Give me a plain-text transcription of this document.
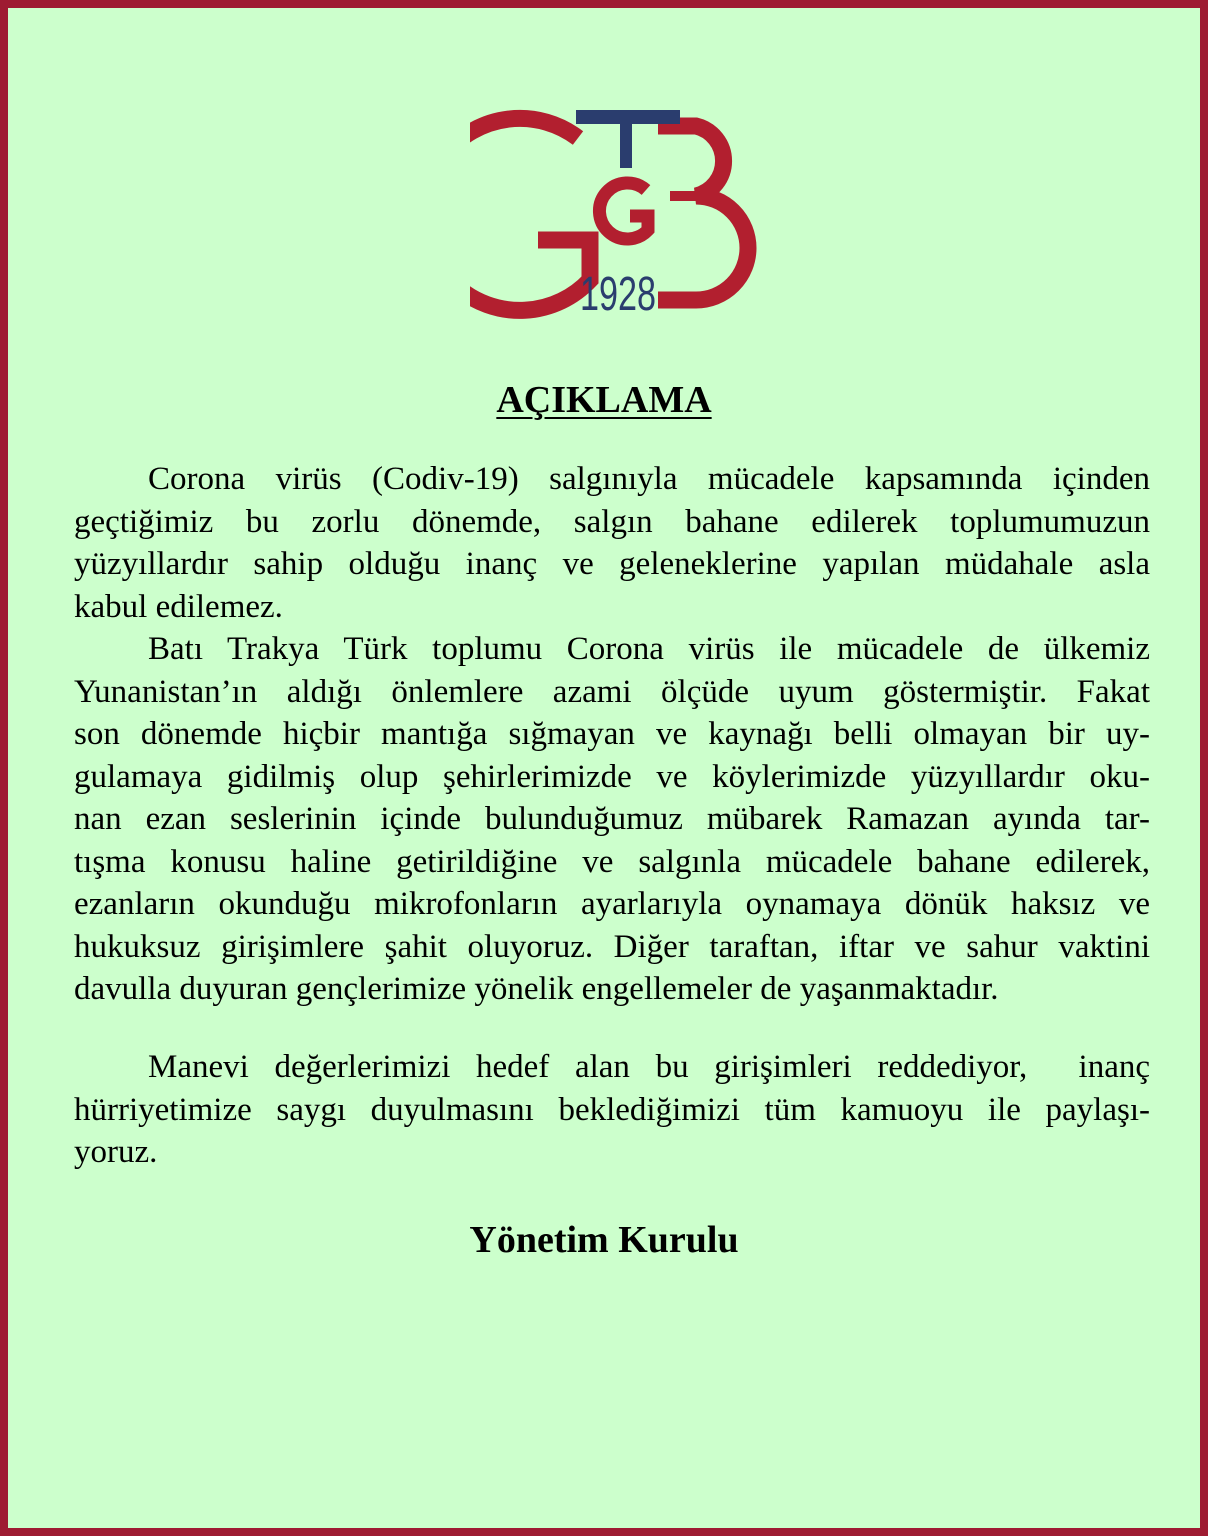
1928
AÇIKLAMA
Corona virüs (Codiv-19) salgınıyla mücadele kapsamında içinden
geçtiğimiz bu zorlu dönemde, salgın bahane edilerek toplumumuzun
yüzyıllardır sahip olduğu inanç ve geleneklerine yapılan müdahale asla
kabul edilemez.
Batı Trakya Türk toplumu Corona virüs ile mücadele de ülkemiz
Yunanistan’ın aldığı önlemlere azami ölçüde uyum göstermiştir. Fakat
son dönemde hiçbir mantığa sığmayan ve kaynağı belli olmayan bir uy-
gulamaya gidilmiş olup şehirlerimizde ve köylerimizde yüzyıllardır oku-
nan ezan seslerinin içinde bulunduğumuz mübarek Ramazan ayında tar-
tışma konusu haline getirildiğine ve salgınla mücadele bahane edilerek,
ezanların okunduğu mikrofonların ayarlarıyla oynamaya dönük haksız ve
hukuksuz girişimlere şahit oluyoruz. Diğer taraftan, iftar ve sahur vaktini
davulla duyuran gençlerimize yönelik engellemeler de yaşanmaktadır.
Manevi değerlerimizi hedef alan bu girişimleri reddediyor,  inanç
hürriyetimize saygı duyulmasını beklediğimizi tüm kamuoyu ile paylaşı-
yoruz.
Yönetim Kurulu
